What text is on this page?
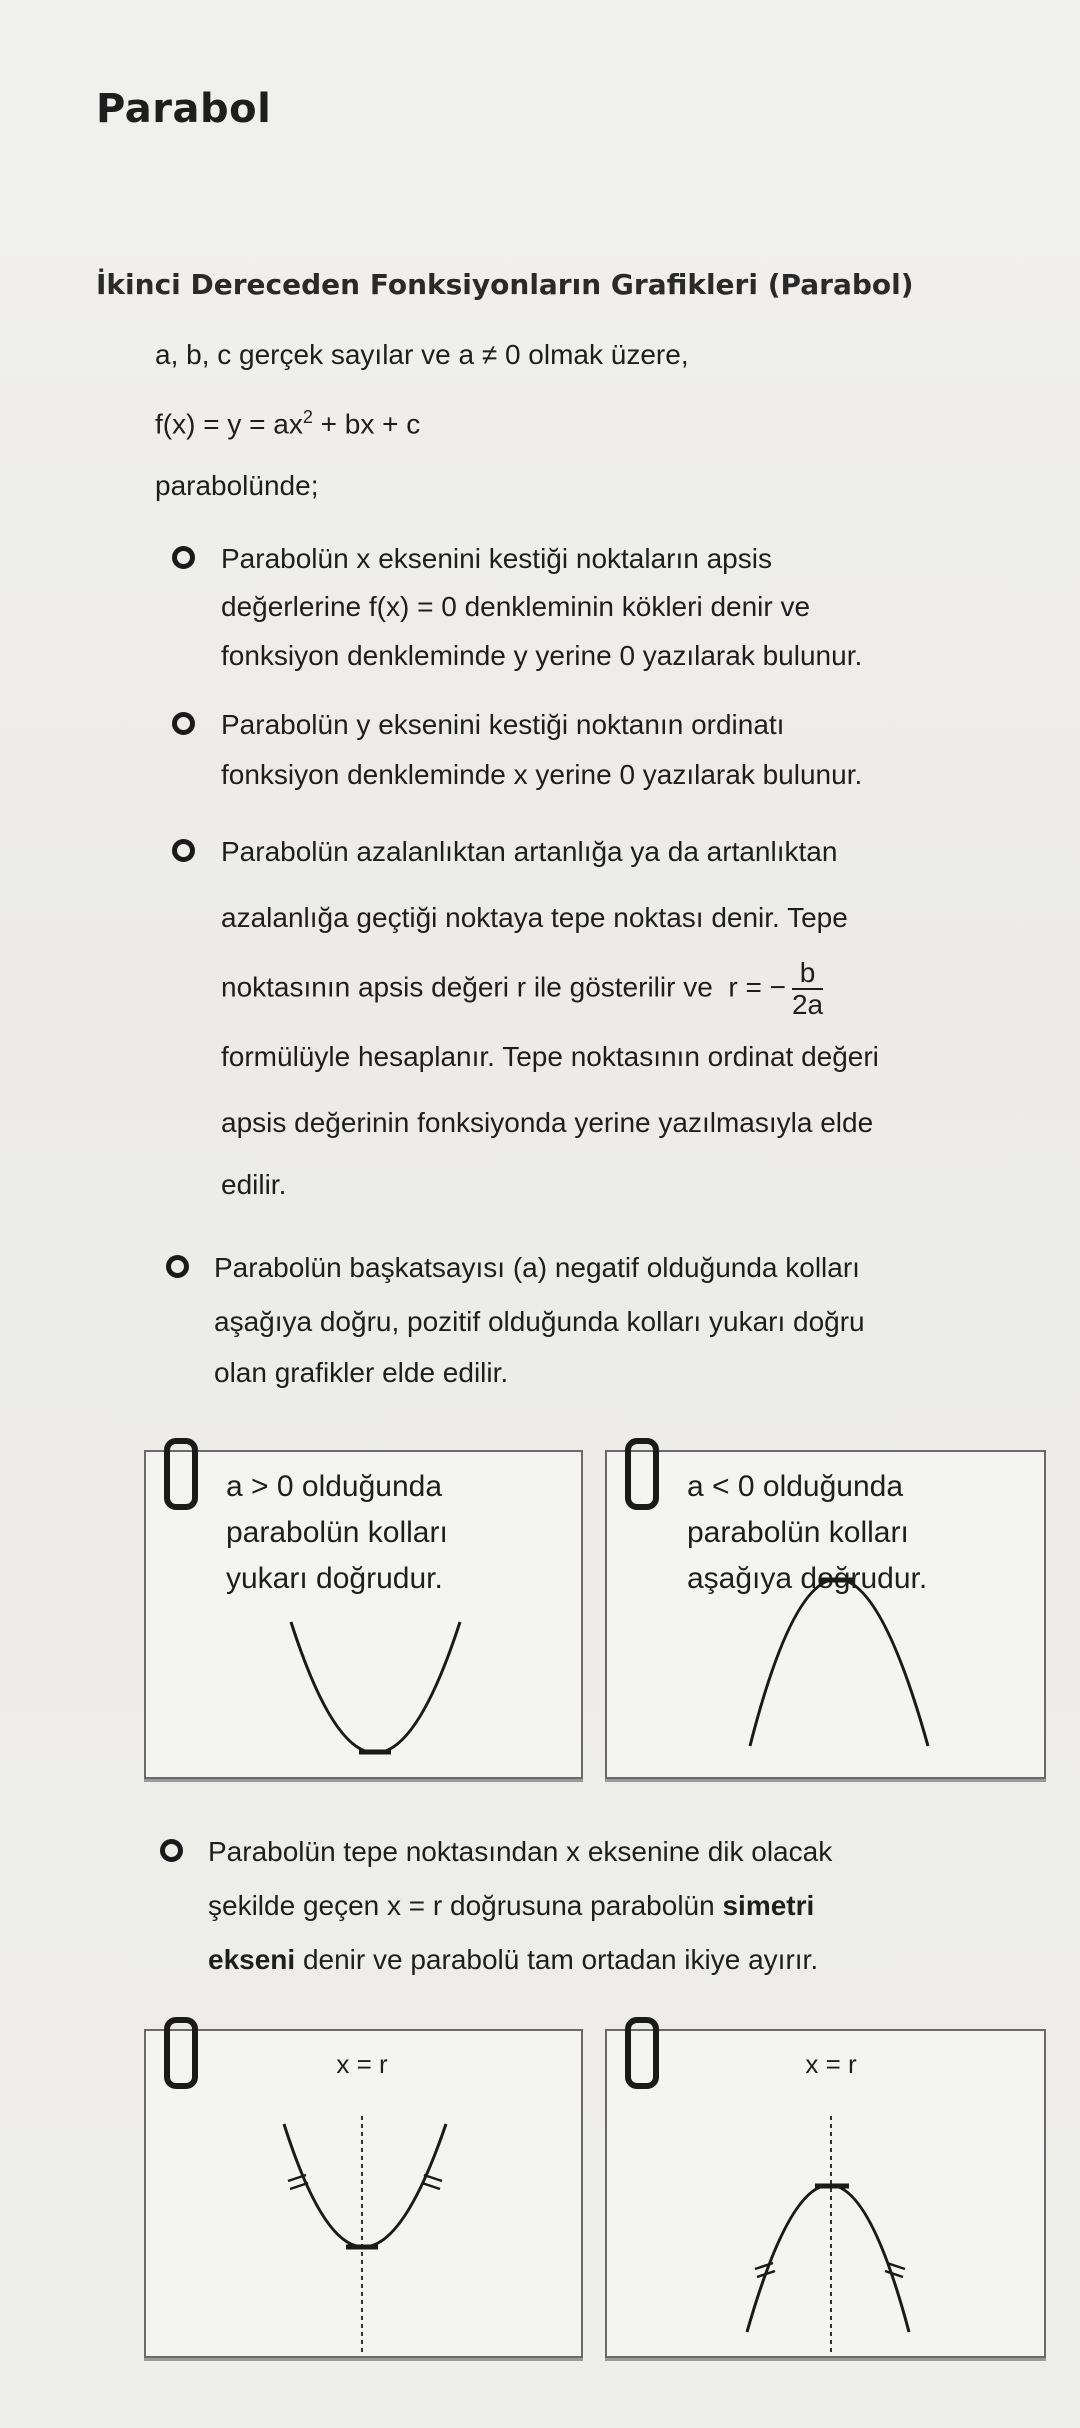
Parabol
İkinci Dereceden Fonksiyonların Grafikleri (Parabol)
a, b, c gerçek sayılar ve a ≠ 0 olmak üzere,
$f(x) = y = ax^2$ + bx + c
parabolünde;
Parabolün x eksenini kestiği noktaların apsis
değerlerine f(x) = 0 denkleminin kökleri denir ve
fonksiyon denkleminde y yerine 0 yazılarak bulunur.
Parabolün y eksenini kestiği noktanın ordinatı
fonksiyon denkleminde x yerine 0 yazılarak bulunur.
Parabolün azalanlıktan artanlığa ya da artanlıktan
azalanlığa geçtiği noktaya tepe noktası denir. Tepe
noktasının apsis değeri r ile gösterilir ve r = − $\frac{b}{2a}$
formülüyle hesaplanır. Tepe noktasının ordinat değeri
apsis değerinin fonksiyonda yerine yazılmasıyla elde
edilir.
Parabolün başkatsayısı (a) negatif olduğunda kolları
aşağıya doğru, pozitif olduğunda kolları yukarı doğru
olan grafikler elde edilir.
a > 0 olduğunda
parabolün kolları
yukarı doğrudur.
a < 0 olduğunda
parabolün kolları
aşağıya doğrudur.
Parabolün tepe noktasından x eksenine dik olacak
şekilde geçen x = r doğrusuna parabolün simetri
ekseni denir ve parabolü tam ortadan ikiye ayırır.
x = r	x = r
